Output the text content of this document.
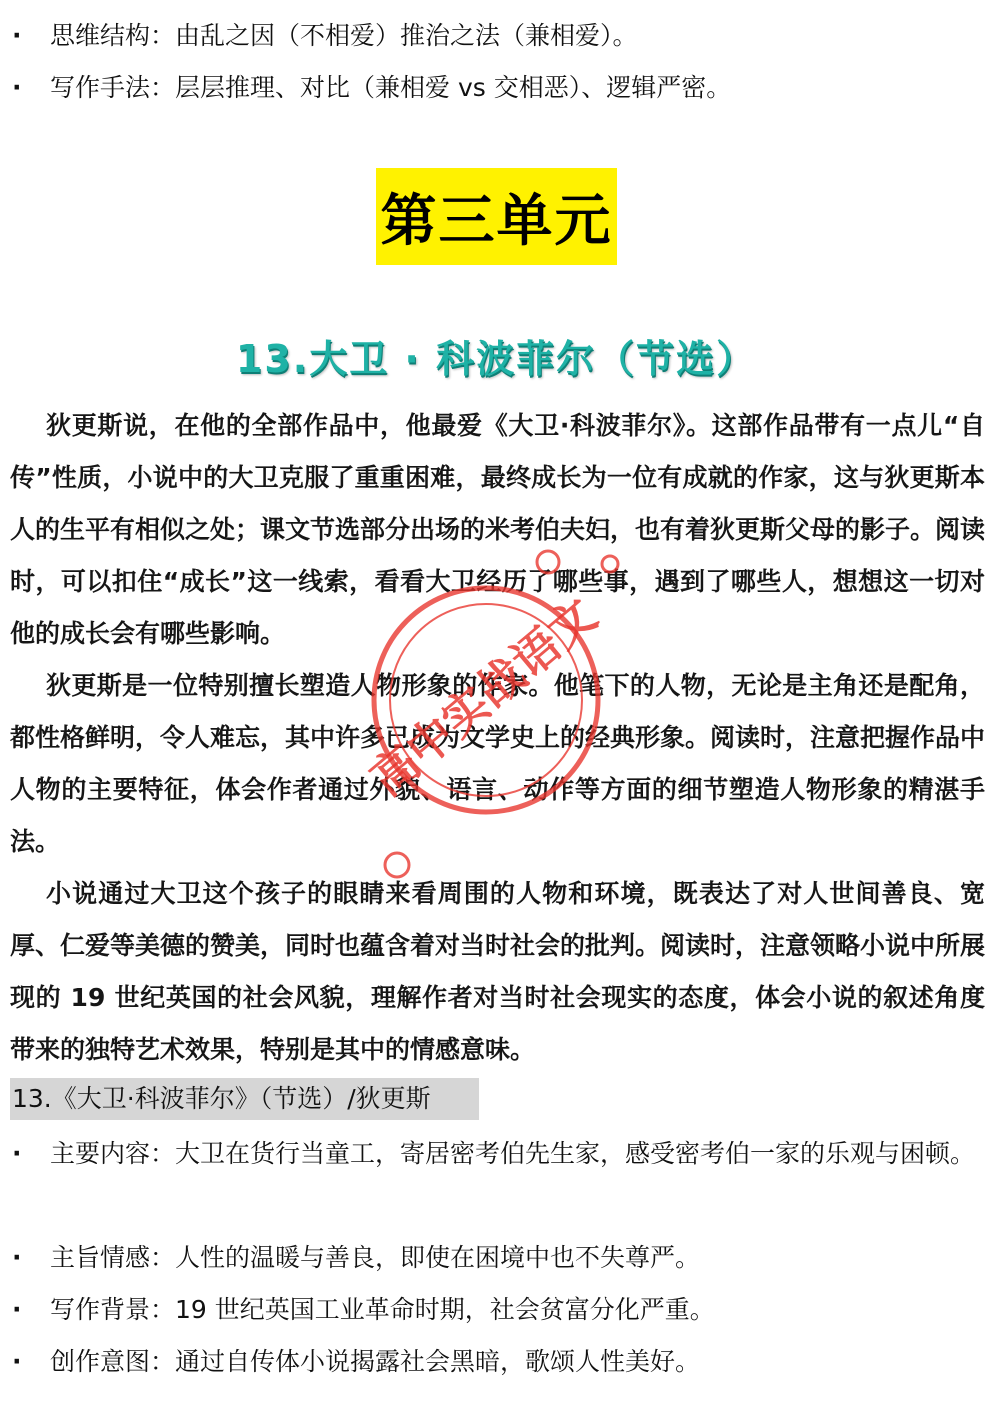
· 思维结构：由乱之因（不相爱）推治之法（兼相爱）。
· 写作手法：层层推理、对比（兼相爱 vs 交相恶）、逻辑严密。
第三单元
13.大卫 · 科波菲尔（节选）
狄更斯说，在他的全部作品中，他最爱《大卫·科波菲尔》。这部作品带有一点儿“自传”性质，小说中的大卫克服了重重困难，最终成长为一位有成就的作家，这与狄更斯本人的生平有相似之处；课文节选部分出场的米考伯夫妇，也有着狄更斯父母的影子。阅读时，可以扣住“成长”这一线索，看看大卫经历了哪些事，遇到了哪些人，想想这一切对他的成长会有哪些影响。
狄更斯是一位特别擅长塑造人物形象的作家。他笔下的人物，无论是主角还是配角，都性格鲜明，令人难忘，其中许多已成为文学史上的经典形象。阅读时，注意把握作品中人物的主要特征，体会作者通过外貌、语言、动作等方面的细节塑造人物形象的精湛手法。
小说通过大卫这个孩子的眼睛来看周围的人物和环境，既表达了对人世间善良、宽厚、仁爱等美德的赞美，同时也蕴含着对当时社会的批判。阅读时，注意领略小说中所展现的 19 世纪英国的社会风貌，理解作者对当时社会现实的态度，体会小说的叙述角度带来的独特艺术效果，特别是其中的情感意味。
13.《大卫·科波菲尔》（节选）/狄更斯
· 主要内容：大卫在货行当童工，寄居密考伯先生家，感受密考伯一家的乐观与困顿。
· 主旨情感：人性的温暖与善良，即使在困境中也不失尊严。
· 写作背景：19 世纪英国工业革命时期，社会贫富分化严重。
· 创作意图：通过自传体小说揭露社会黑暗，歌颂人性美好。
高中实战语文
